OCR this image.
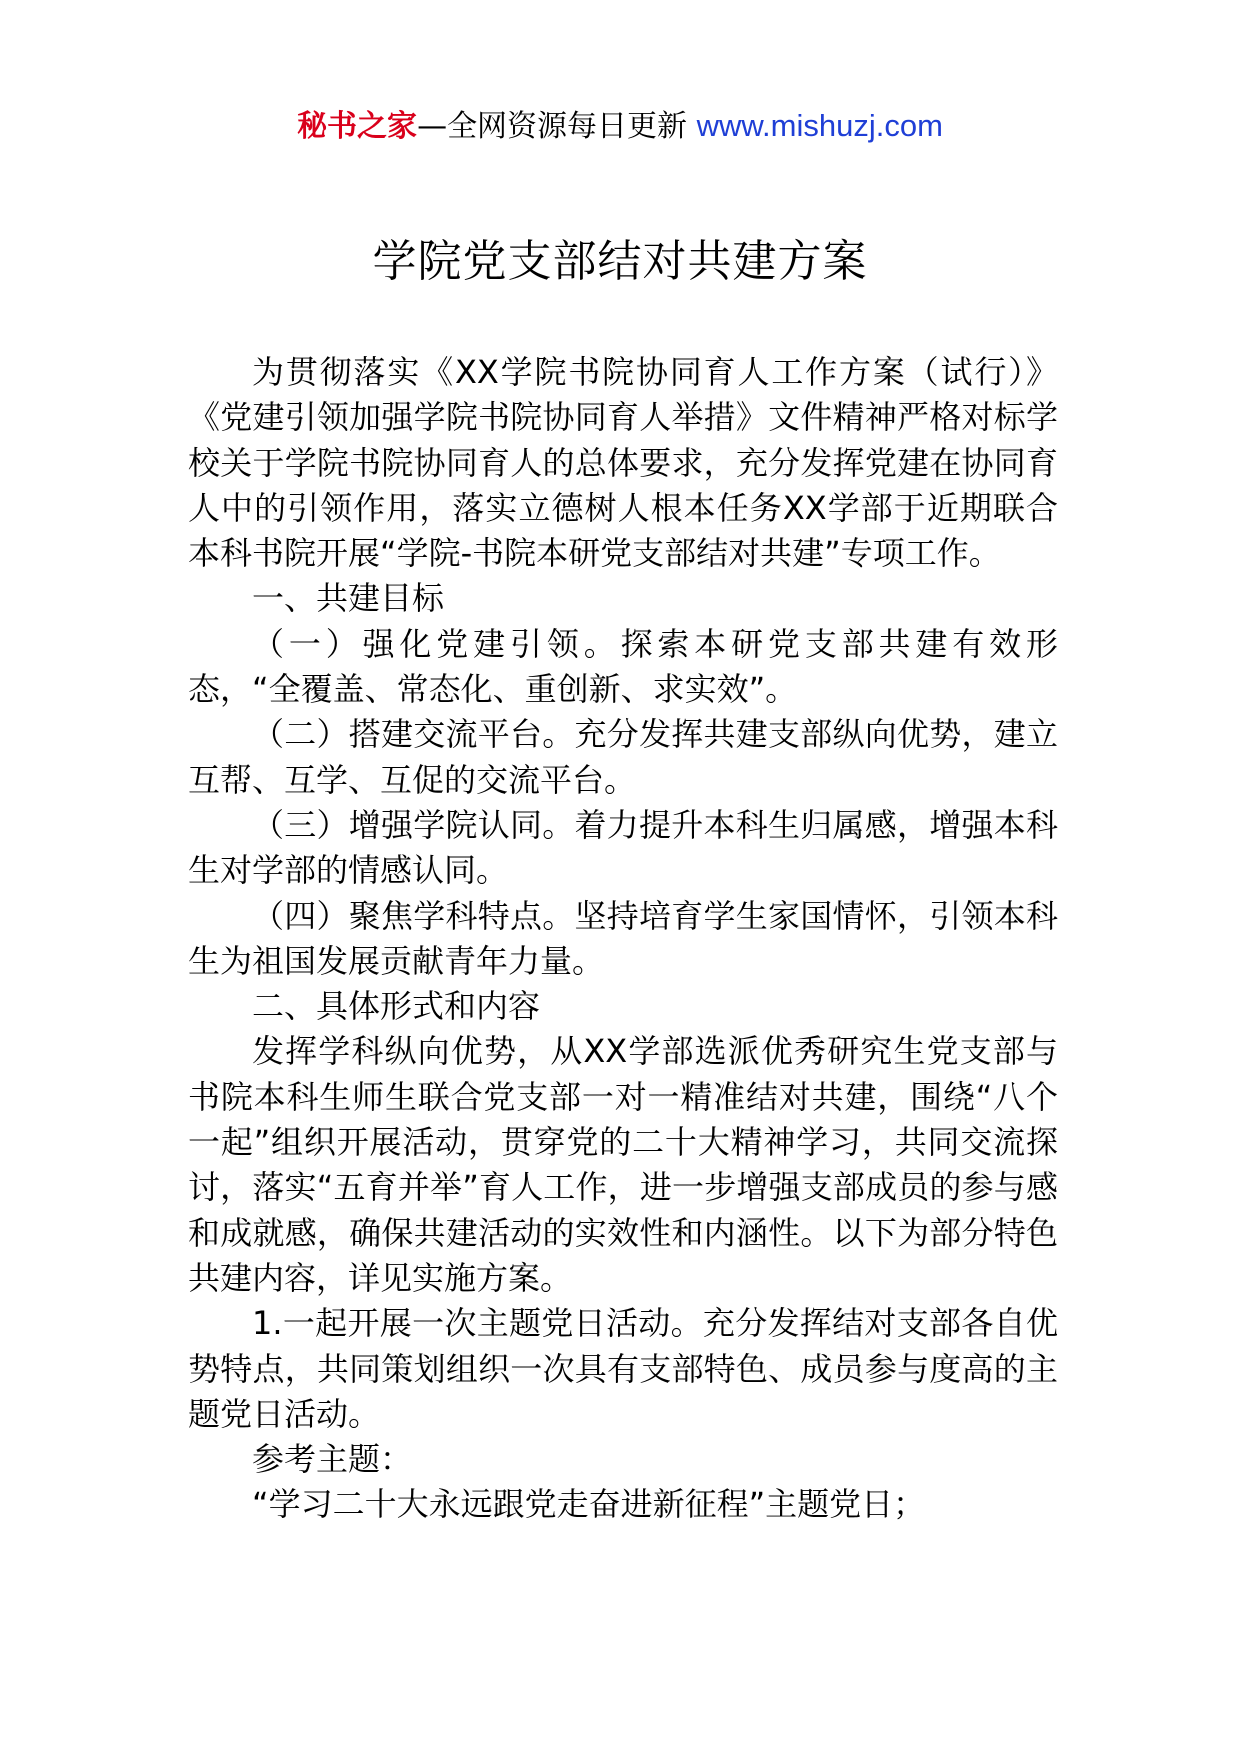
秘书之家—全网资源每日更新 www.mishuzj.com
学院党支部结对共建方案

为贯彻落实《XX学院书院协同育人工作方案（试行）》《党建引领加强学院书院协同育人举措》文件精神严格对标学校关于学院书院协同育人的总体要求，充分发挥党建在协同育人中的引领作用，落实立德树人根本任务XX学部于近期联合本科书院开展“学院-书院本研党支部结对共建”专项工作。

一、共建目标

（一）强化党建引领。探索本研党支部共建有效形态，“全覆盖、常态化、重创新、求实效”。

（二）搭建交流平台。充分发挥共建支部纵向优势，建立互帮、互学、互促的交流平台。

（三）增强学院认同。着力提升本科生归属感，增强本科生对学部的情感认同。

（四）聚焦学科特点。坚持培育学生家国情怀，引领本科生为祖国发展贡献青年力量。

二、具体形式和内容

发挥学科纵向优势，从XX学部选派优秀研究生党支部与书院本科生师生联合党支部一对一精准结对共建，围绕“八个一起”组织开展活动，贯穿党的二十大精神学习，共同交流探讨，落实“五育并举”育人工作，进一步增强支部成员的参与感和成就感，确保共建活动的实效性和内涵性。以下为部分特色共建内容，详见实施方案。

1.一起开展一次主题党日活动。充分发挥结对支部各自优势特点，共同策划组织一次具有支部特色、成员参与度高的主题党日活动。

参考主题：

“学习二十大永远跟党走奋进新征程”主题党日；
